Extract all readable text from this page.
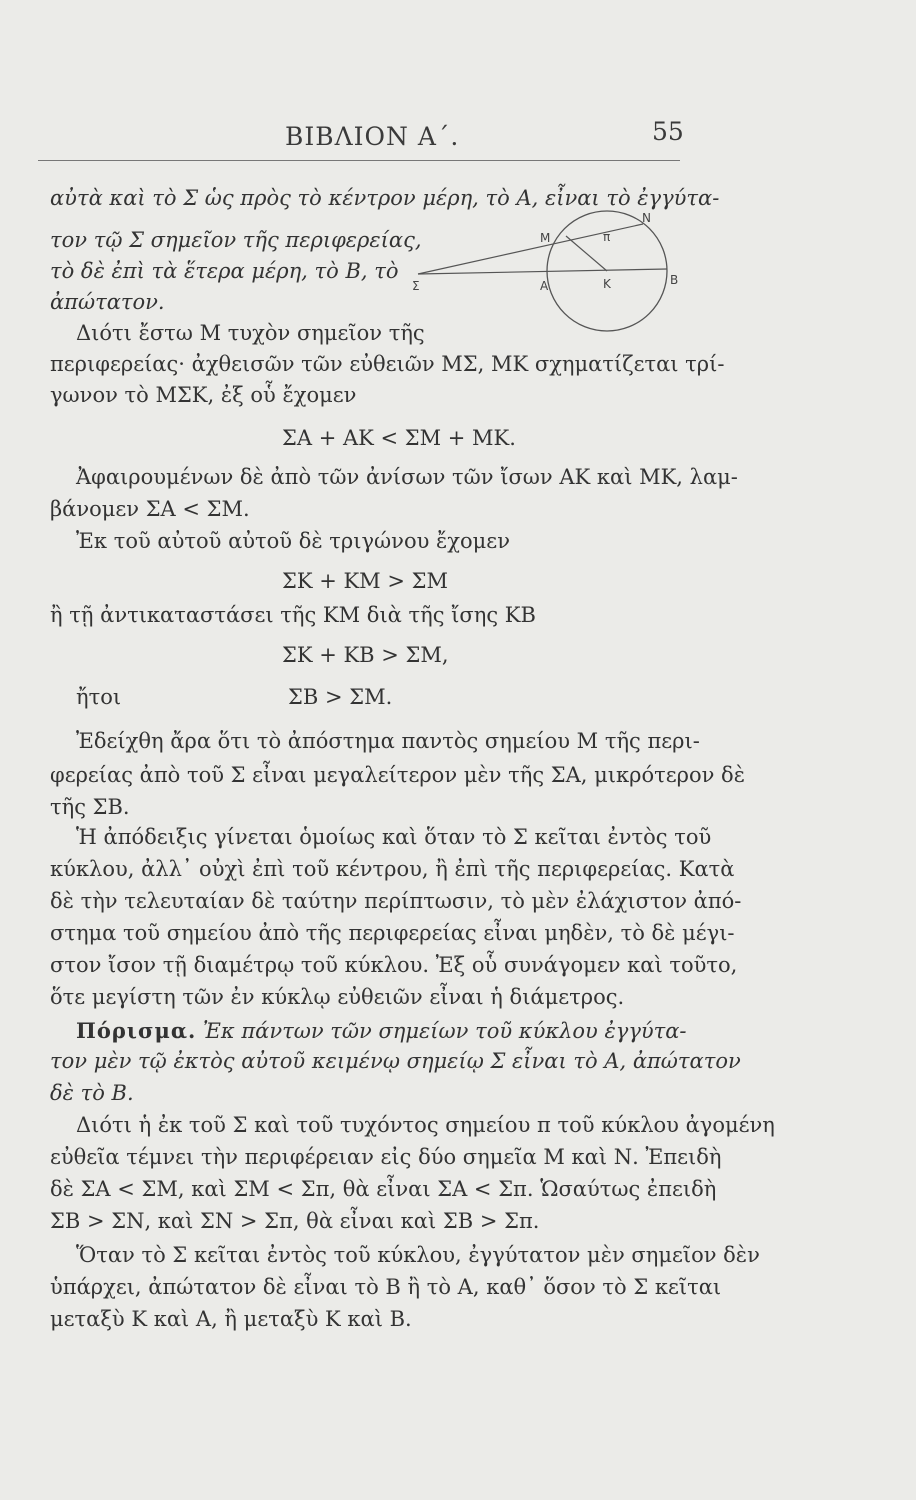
ΒΙΒΛΙΟΝ Α΄.	55
N
M	π
Σ	A	K	B
αὐτὰ καὶ τὸ Σ ὡς πρὸς τὸ κέντρον μέρη, τὸ Α, εἶναι τὸ ἐγγύτα-
τον τῷ Σ σημεῖον τῆς περιφερείας,
τὸ δὲ ἐπὶ τὰ ἕτερα μέρη, τὸ Β, τὸ
ἀπώτατον.
Διότι ἔστω Μ τυχὸν σημεῖον τῆς
περιφερείας· ἀχθεισῶν τῶν εὐθειῶν ΜΣ, ΜΚ σχηματίζεται τρί-
γωνον τὸ ΜΣΚ, ἐξ οὗ ἔχομεν
ΣΑ + ΑΚ < ΣΜ + ΜΚ.
Ἀφαιρουμένων δὲ ἀπὸ τῶν ἀνίσων τῶν ἴσων ΑΚ καὶ ΜΚ, λαμ-
βάνομεν ΣΑ < ΣΜ.
Ἐκ τοῦ αὐτοῦ αὐτοῦ δὲ τριγώνου ἔχομεν
ΣΚ + ΚΜ > ΣΜ
ἢ τῇ ἀντικαταστάσει τῆς ΚΜ διὰ τῆς ἴσης ΚΒ
ΣΚ + ΚΒ > ΣΜ,
ἤτοι	ΣΒ > ΣΜ.
Ἐδείχθη ἄρα ὅτι τὸ ἀπόστημα παντὸς σημείου Μ τῆς περι-
φερείας ἀπὸ τοῦ Σ εἶναι μεγαλείτερον μὲν τῆς ΣΑ, μικρότερον δὲ
τῆς ΣΒ.
Ἡ ἀπόδειξις γίνεται ὁμοίως καὶ ὅταν τὸ Σ κεῖται ἐντὸς τοῦ
κύκλου, ἀλλ᾽ οὐχὶ ἐπὶ τοῦ κέντρου, ἢ ἐπὶ τῆς περιφερείας. Κατὰ
δὲ τὴν τελευταίαν δὲ ταύτην περίπτωσιν, τὸ μὲν ἐλάχιστον ἀπό-
στημα τοῦ σημείου ἀπὸ τῆς περιφερείας εἶναι μηδὲν, τὸ δὲ μέγι-
στον ἴσον τῇ διαμέτρῳ τοῦ κύκλου. Ἐξ οὗ συνάγομεν καὶ τοῦτο,
ὅτε μεγίστη τῶν ἐν κύκλῳ εὐθειῶν εἶναι ἡ διάμετρος.
Πόρισμα. Ἐκ πάντων τῶν σημείων τοῦ κύκλου ἐγγύτα-
τον μὲν τῷ ἐκτὸς αὐτοῦ κειμένῳ σημείῳ Σ εἶναι τὸ Α, ἀπώτατον
δὲ τὸ Β.
Διότι ἡ ἐκ τοῦ Σ καὶ τοῦ τυχόντος σημείου π τοῦ κύκλου ἀγομένη
εὐθεῖα τέμνει τὴν περιφέρειαν εἰς δύο σημεῖα Μ καὶ Ν. Ἐπειδὴ
δὲ ΣΑ < ΣΜ, καὶ ΣΜ < Σπ, θὰ εἶναι ΣΑ < Σπ. Ὡσαύτως ἐπειδὴ
ΣΒ > ΣΝ, καὶ ΣΝ > Σπ, θὰ εἶναι καὶ ΣΒ > Σπ.
Ὅταν τὸ Σ κεῖται ἐντὸς τοῦ κύκλου, ἐγγύτατον μὲν σημεῖον δὲν
ὑπάρχει, ἀπώτατον δὲ εἶναι τὸ Β ἢ τὸ Α, καθ᾽ ὅσον τὸ Σ κεῖται
μεταξὺ Κ καὶ Α, ἢ μεταξὺ Κ καὶ Β.
